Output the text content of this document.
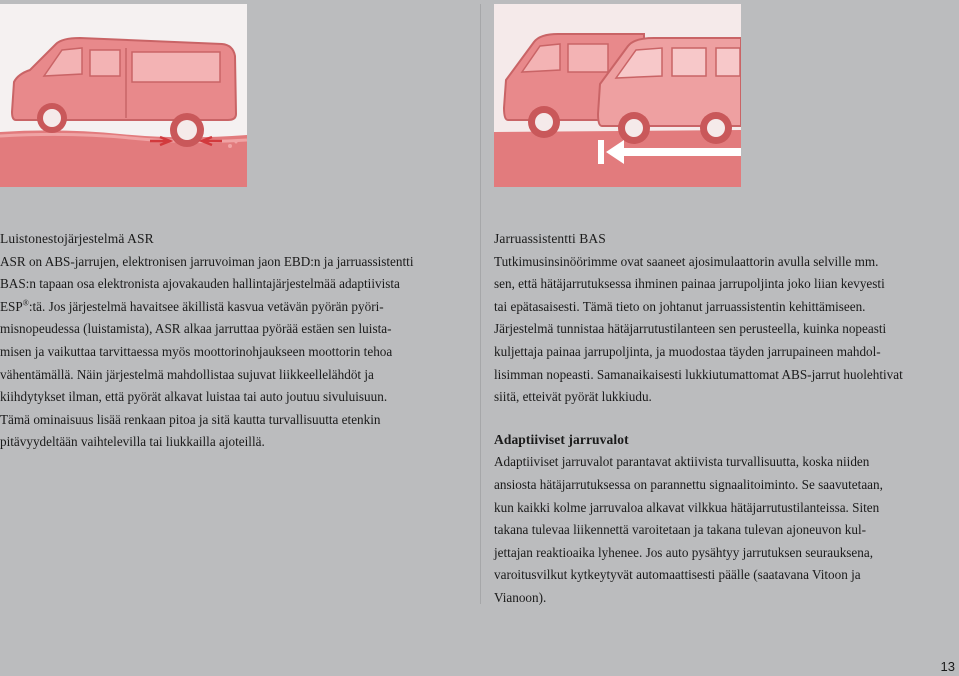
Luistonestojärjestelmä ASR
ASR on ABS-jarrujen, elektronisen jarruvoiman jaon EBD:n ja jarruassistentti
BAS:n tapaan osa elektronista ajovakauden hallintajärjestelmää adaptiivista
ESP®:tä. Jos järjestelmä havaitsee äkillistä kasvua vetävän pyörän pyöri-
misnopeudessa (luistamista), ASR alkaa jarruttaa pyörää estäen sen luista-
misen ja vaikuttaa tarvittaessa myös moottorinohjaukseen moottorin tehoa
vähentämällä. Näin järjestelmä mahdollistaa sujuvat liikkeellelähdöt ja
kiihdytykset ilman, että pyörät alkavat luistaa tai auto joutuu sivuluisuun.
Tämä ominaisuus lisää renkaan pitoa ja sitä kautta turvallisuutta etenkin
pitävyydeltään vaihtelevilla tai liukkailla ajoteillä.
Jarruassistentti BAS
Tutkimusinsinöörimme ovat saaneet ajosimulaattorin avulla selville mm.
sen, että hätäjarrutuksessa ihminen painaa jarrupoljinta joko liian kevyesti
tai epätasaisesti. Tämä tieto on johtanut jarruassistentin kehittämiseen.
Järjestelmä tunnistaa hätäjarrutustilanteen sen perusteella, kuinka nopeasti
kuljettaja painaa jarrupoljinta, ja muodostaa täyden jarrupaineen mahdol-
lisimman nopeasti. Samanaikaisesti lukkiutumattomat ABS-jarrut huolehtivat
siitä, etteivät pyörät lukkiudu.
Adaptiiviset jarruvalot
Adaptiiviset jarruvalot parantavat aktiivista turvallisuutta, koska niiden
ansiosta hätäjarrutuksessa on parannettu signaalitoiminto. Se saavutetaan,
kun kaikki kolme jarruvaloa alkavat vilkkua hätäjarrutustilanteissa. Siten
takana tulevaa liikennettä varoitetaan ja takana tulevan ajoneuvon kul-
jettajan reaktioaika lyhenee. Jos auto pysähtyy jarrutuksen seurauksena,
varoitusvilkut kytkeytyvät automaattisesti päälle (saatavana Vitoon ja
Vianoon).
13
